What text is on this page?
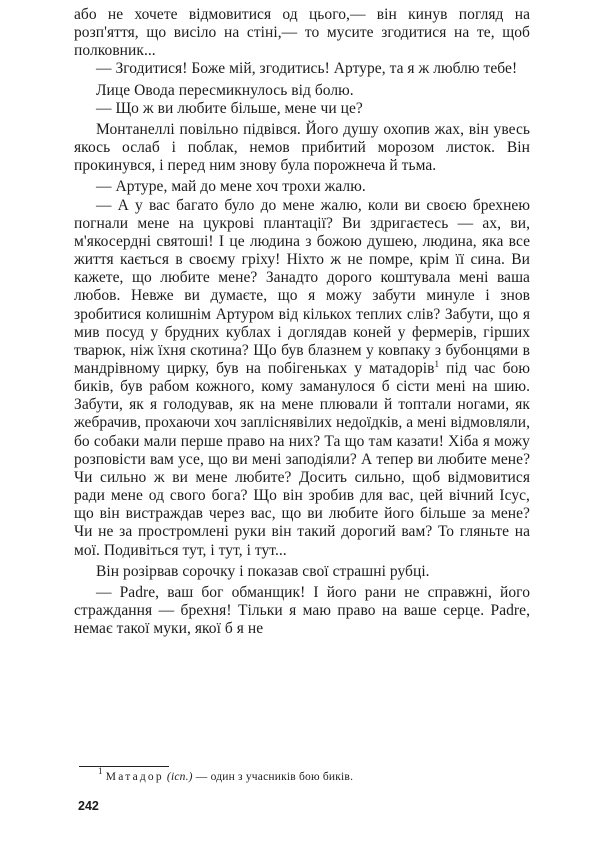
або не хочете відмовитися од цього,— він кинув погляд на розп'яття, що висіло на стіні,— то мусите згодитися на те, щоб полковник...

— Згодитися! Боже мій, згодитись! Артуре, та я ж люблю тебе!

Лице Овода пересмикнулось від болю.

— Що ж ви любите більше, мене чи це?

Монтанеллі повільно підвівся. Його душу охопив жах, він увесь якось ослаб і поблак, немов прибитий морозом листок. Він прокинувся, і перед ним знову була порожнеча й тьма.

— Артуре, май до мене хоч трохи жалю.

— А у вас багато було до мене жалю, коли ви своєю брехнею погнали мене на цукрові плантації? Ви здригаєтесь — ах, ви, м'якосердні святоші! І це людина з божою душею, людина, яка все життя кається в своєму гріху! Ніхто ж не помре, крім її сина. Ви кажете, що любите мене? Занадто дорого коштувала мені ваша любов. Невже ви думаєте, що я можу забути минуле і знов зробитися колишнім Артуром від кількох теплих слів? Забути, що я мив посуд у брудних кублах і доглядав коней у фермерів, гірших тварюк, ніж їхня скотина? Що був блазнем у ковпаку з бубонцями в мандрівному цирку, був на побігеньках у матадорів$^1$ під час бою биків, був рабом кожного, кому заманулося б сісти мені на шию. Забути, як я голодував, як на мене плювали й топтали ногами, як жебрачив, прохаючи хоч запліснявілих недоїдків, а мені відмовляли, бо собаки мали перше право на них? Та що там казати! Хіба я можу розповісти вам усе, що ви мені заподіяли? А тепер ви любите мене? Чи сильно ж ви мене любите? Досить сильно, щоб відмовитися ради мене од свого бога? Що він зробив для вас, цей вічний Ісус, що він вистраждав через вас, що ви любите його більше за мене? Чи не за простромлені руки він такий дорогий вам? То гляньте на мої. Подивіться тут, і тут, і тут...

Він розірвав сорочку і показав свої страшні рубці.

— Padre, ваш бог обманщик! І його рани не справжні, його страждання — брехня! Тільки я маю право на ваше серце. Padre, немає такої муки, якої б я не

$^1$ Матадор (ісп.) — один з учасників бою биків.
242
